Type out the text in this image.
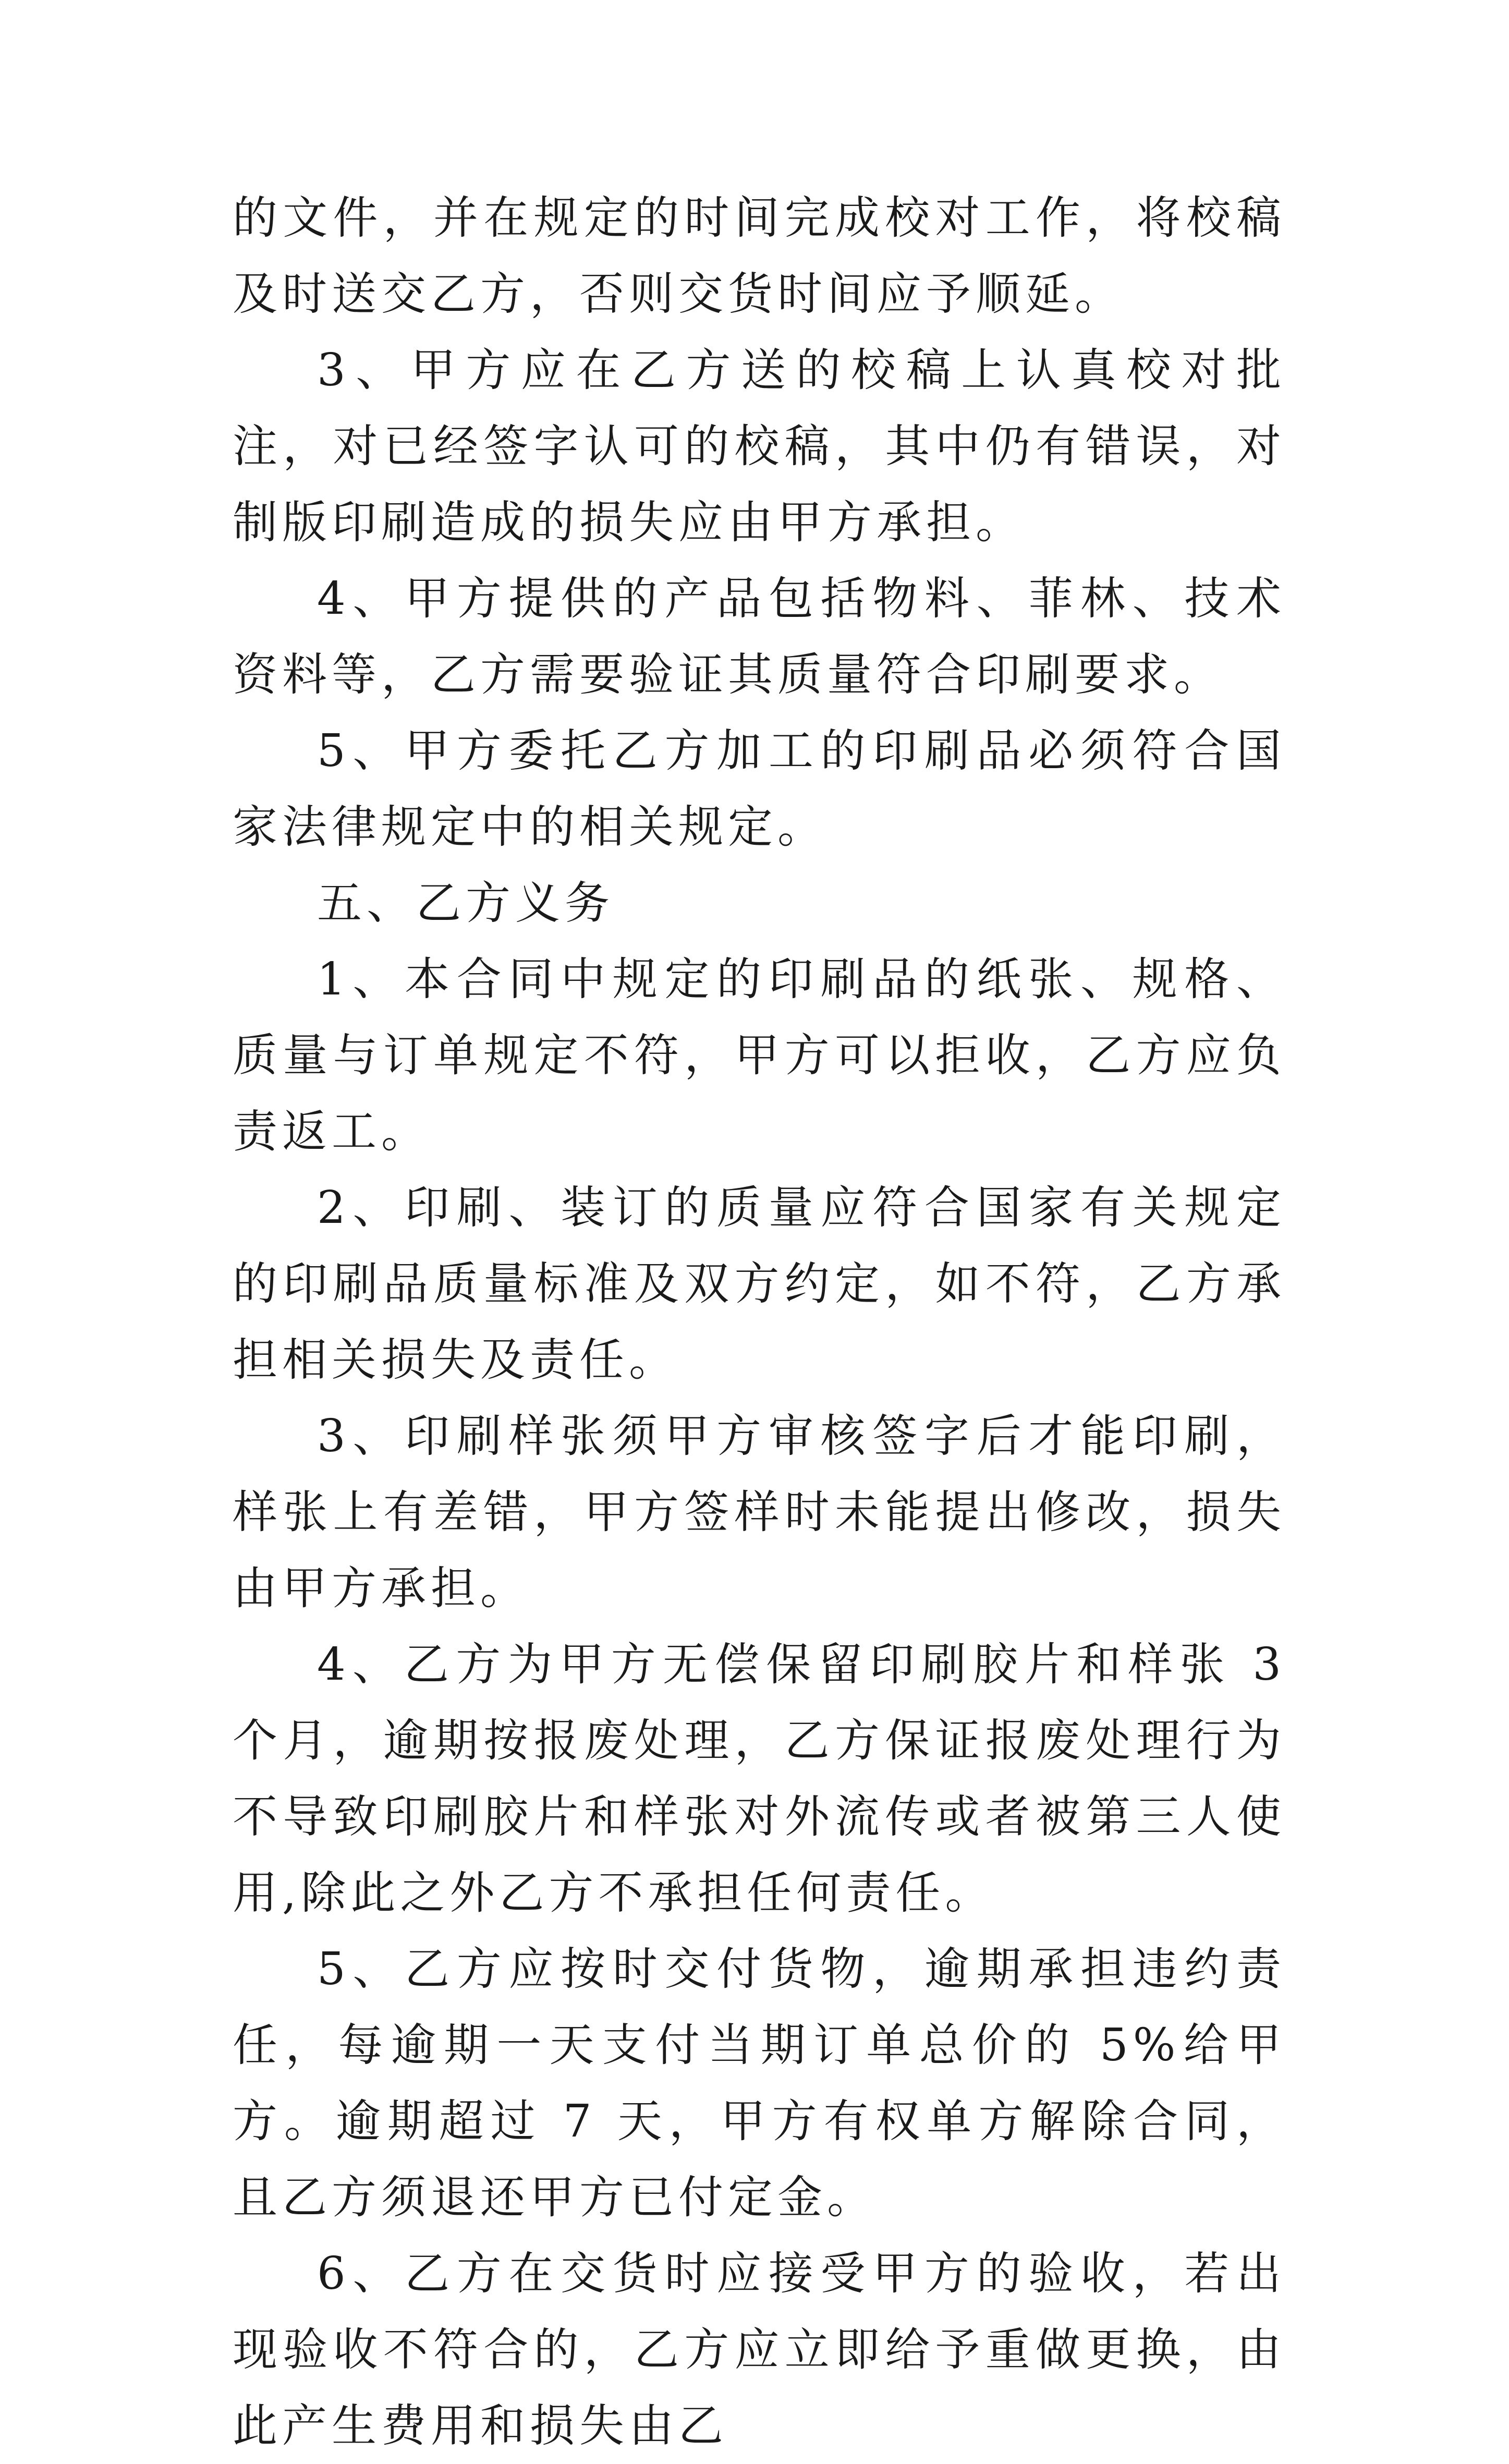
的文件，并在规定的时间完成校对工作，将校稿及时送交乙方，否则交货时间应予顺延。

3、甲方应在乙方送的校稿上认真校对批注，对已经签字认可的校稿，其中仍有错误，对制版印刷造成的损失应由甲方承担。

4、甲方提供的产品包括物料、菲林、技术资料等，乙方需要验证其质量符合印刷要求。

5、甲方委托乙方加工的印刷品必须符合国家法律规定中的相关规定。

五、乙方义务

1、本合同中规定的印刷品的纸张、规格、质量与订单规定不符，甲方可以拒收，乙方应负责返工。

2、印刷、装订的质量应符合国家有关规定的印刷品质量标准及双方约定，如不符，乙方承担相关损失及责任。

3、印刷样张须甲方审核签字后才能印刷，样张上有差错，甲方签样时未能提出修改，损失由甲方承担。

4、乙方为甲方无偿保留印刷胶片和样张 3 个月，逾期按报废处理，乙方保证报废处理行为不导致印刷胶片和样张对外流传或者被第三人使用,除此之外乙方不承担任何责任。

5、乙方应按时交付货物，逾期承担违约责任，每逾期一天支付当期订单总价的 5%给甲方。逾期超过 7 天，甲方有权单方解除合同，且乙方须退还甲方已付定金。

6、乙方在交货时应接受甲方的验收，若出现验收不符合的，乙方应立即给予重做更换，由此产生费用和损失由乙
